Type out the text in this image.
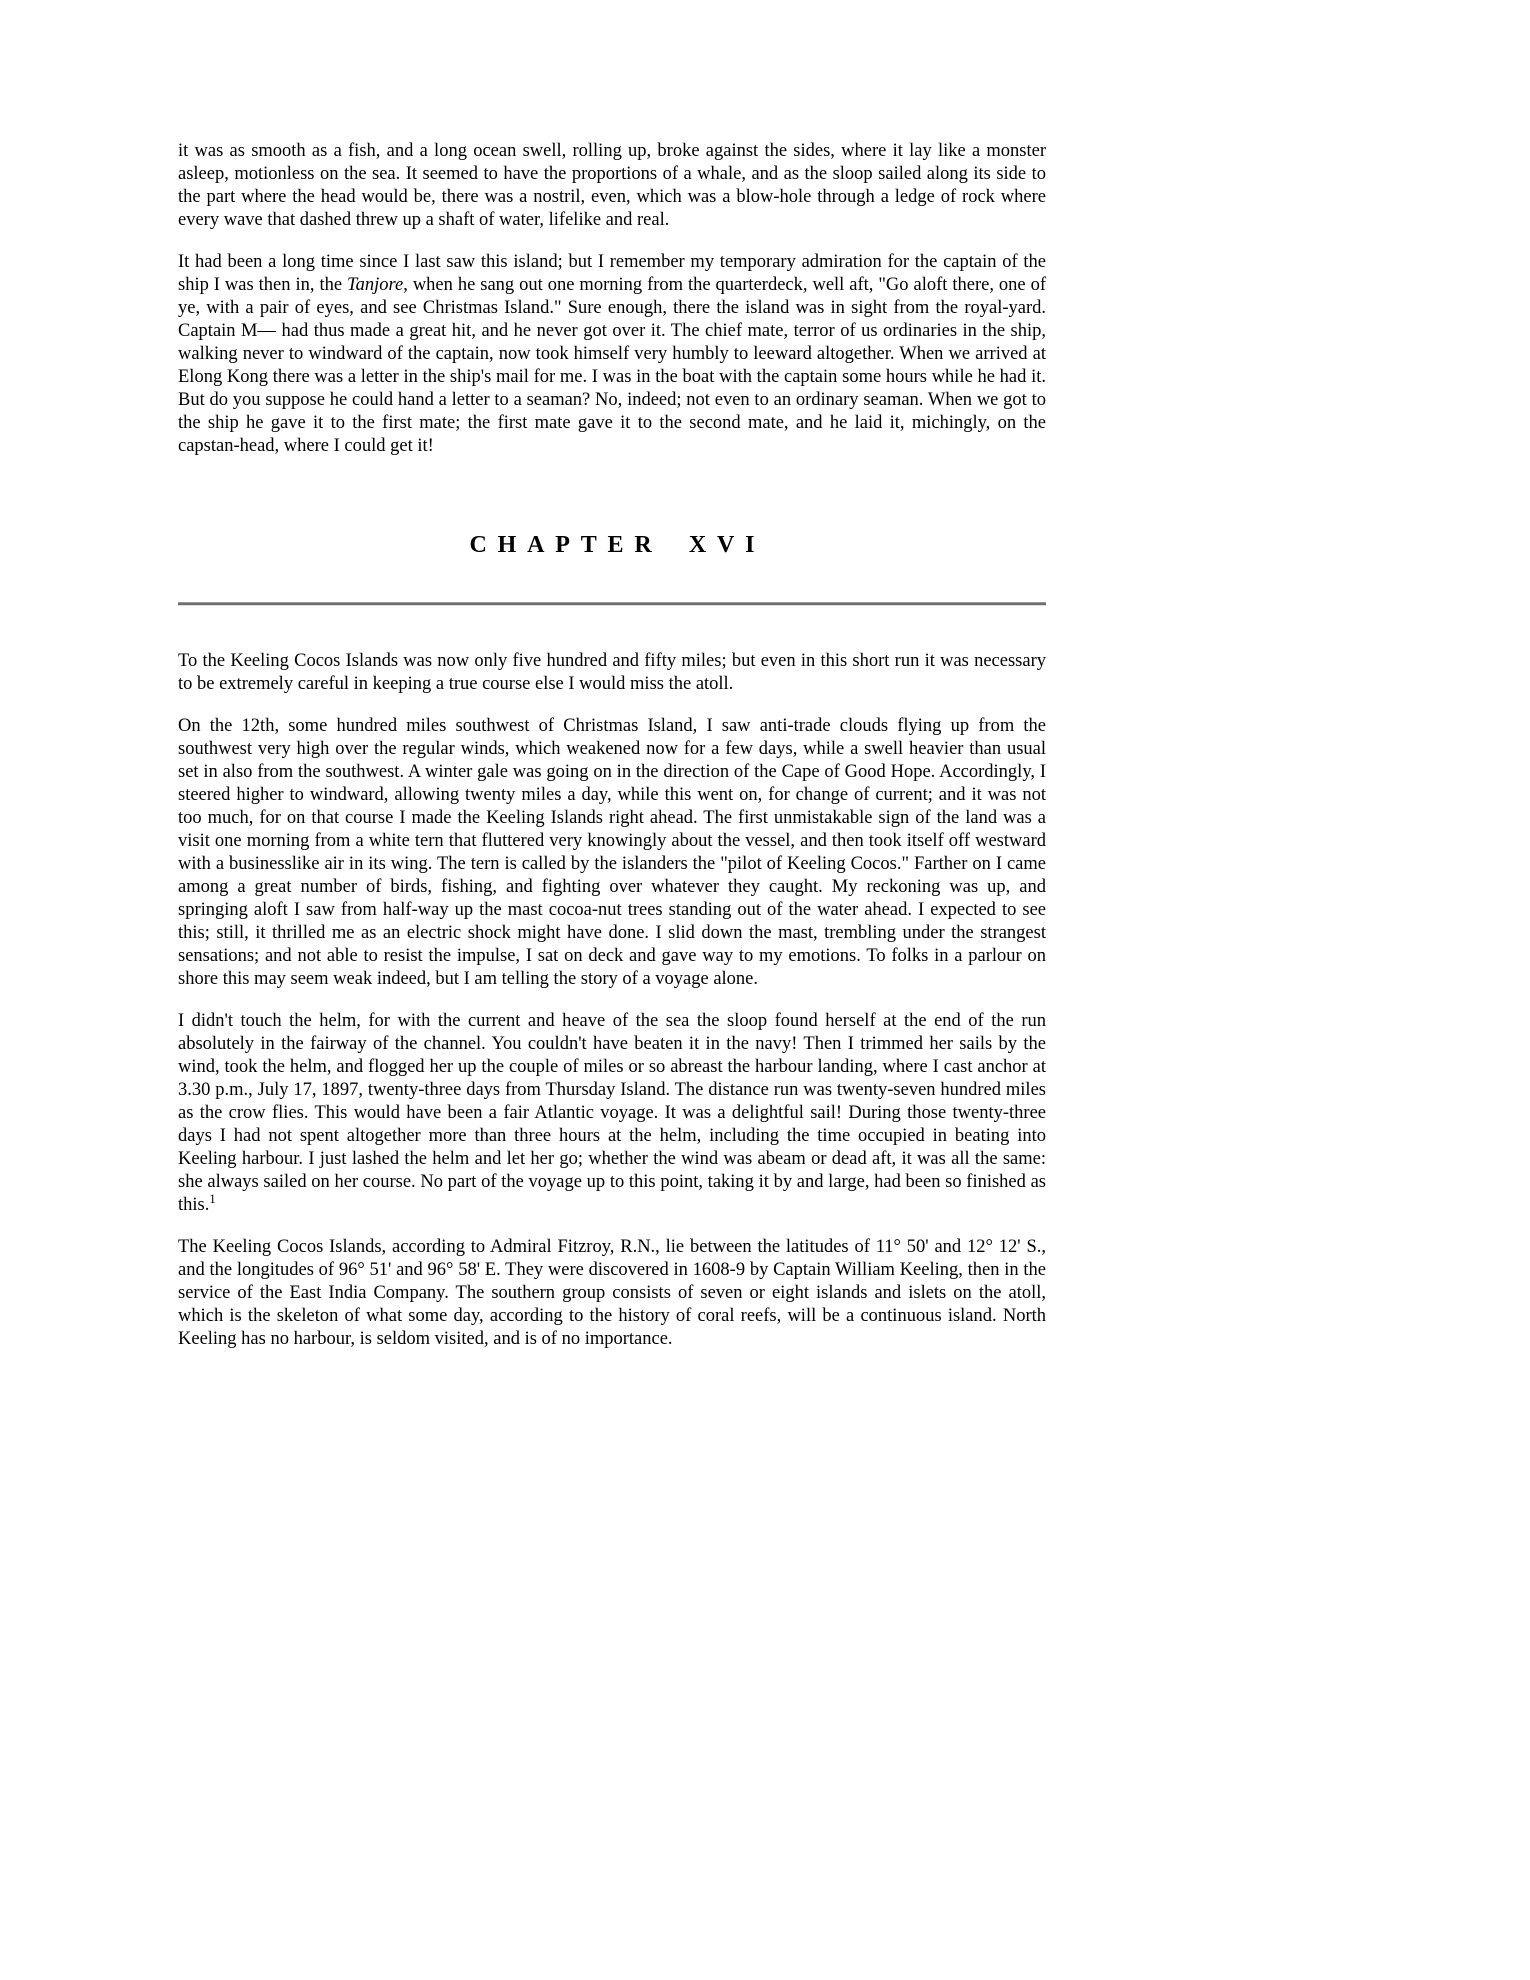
it was as smooth as a fish, and a long ocean swell, rolling up, broke against the sides, where it lay like a monster asleep, motionless on the sea. It seemed to have the proportions of a whale, and as the sloop sailed along its side to the part where the head would be, there was a nostril, even, which was a blow-hole through a ledge of rock where every wave that dashed threw up a shaft of water, lifelike and real.

It had been a long time since I last saw this island; but I remember my temporary admiration for the captain of the ship I was then in, the Tanjore, when he sang out one morning from the quarterdeck, well aft, "Go aloft there, one of ye, with a pair of eyes, and see Christmas Island." Sure enough, there the island was in sight from the royal-yard. Captain M— had thus made a great hit, and he never got over it. The chief mate, terror of us ordinaries in the ship, walking never to windward of the captain, now took himself very humbly to leeward altogether. When we arrived at Elong Kong there was a letter in the ship's mail for me. I was in the boat with the captain some hours while he had it. But do you suppose he could hand a letter to a seaman? No, indeed; not even to an ordinary seaman. When we got to the ship he gave it to the first mate; the first mate gave it to the second mate, and he laid it, michingly, on the capstan-head, where I could get it!

CHAPTER XVI

To the Keeling Cocos Islands was now only five hundred and fifty miles; but even in this short run it was necessary to be extremely careful in keeping a true course else I would miss the atoll.

On the 12th, some hundred miles southwest of Christmas Island, I saw anti-trade clouds flying up from the southwest very high over the regular winds, which weakened now for a few days, while a swell heavier than usual set in also from the southwest. A winter gale was going on in the direction of the Cape of Good Hope. Accordingly, I steered higher to windward, allowing twenty miles a day, while this went on, for change of current; and it was not too much, for on that course I made the Keeling Islands right ahead. The first unmistakable sign of the land was a visit one morning from a white tern that fluttered very knowingly about the vessel, and then took itself off westward with a businesslike air in its wing. The tern is called by the islanders the "pilot of Keeling Cocos." Farther on I came among a great number of birds, fishing, and fighting over whatever they caught. My reckoning was up, and springing aloft I saw from half-way up the mast cocoa-nut trees standing out of the water ahead. I expected to see this; still, it thrilled me as an electric shock might have done. I slid down the mast, trembling under the strangest sensations; and not able to resist the impulse, I sat on deck and gave way to my emotions. To folks in a parlour on shore this may seem weak indeed, but I am telling the story of a voyage alone.

I didn't touch the helm, for with the current and heave of the sea the sloop found herself at the end of the run absolutely in the fairway of the channel. You couldn't have beaten it in the navy! Then I trimmed her sails by the wind, took the helm, and flogged her up the couple of miles or so abreast the harbour landing, where I cast anchor at 3.30 p.m., July 17, 1897, twenty-three days from Thursday Island. The distance run was twenty-seven hundred miles as the crow flies. This would have been a fair Atlantic voyage. It was a delightful sail! During those twenty-three days I had not spent altogether more than three hours at the helm, including the time occupied in beating into Keeling harbour. I just lashed the helm and let her go; whether the wind was abeam or dead aft, it was all the same: she always sailed on her course. No part of the voyage up to this point, taking it by and large, had been so finished as this.$^1$

The Keeling Cocos Islands, according to Admiral Fitzroy, R.N., lie between the latitudes of 11° 50' and 12° 12' S., and the longitudes of 96° 51' and 96° 58' E. They were discovered in 1608-9 by Captain William Keeling, then in the service of the East India Company. The southern group consists of seven or eight islands and islets on the atoll, which is the skeleton of what some day, according to the history of coral reefs, will be a continuous island. North Keeling has no harbour, is seldom visited, and is of no importance.
